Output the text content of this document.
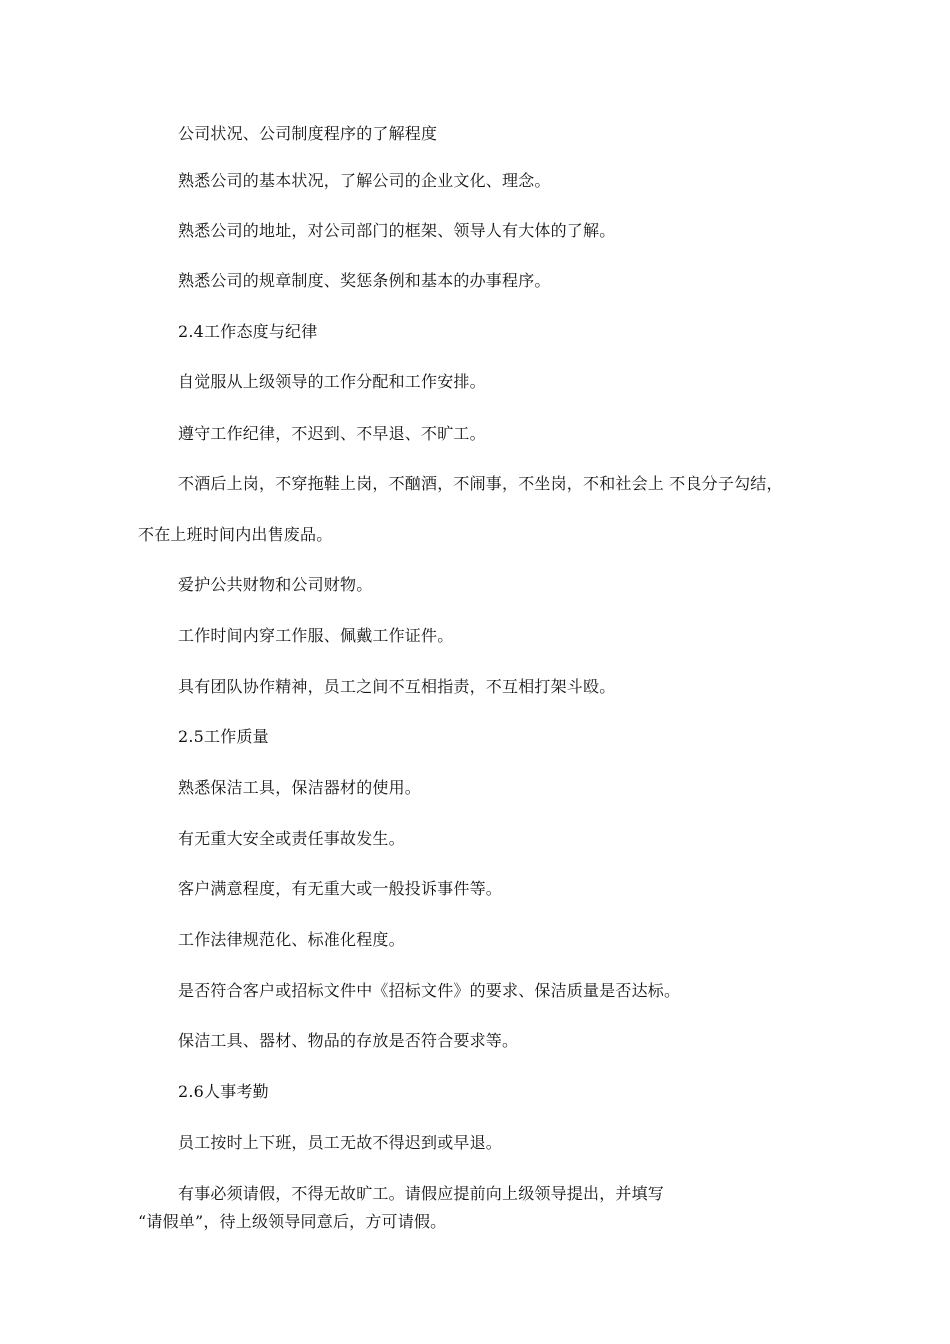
公司状况、公司制度程序的了解程度
熟悉公司的基本状况，了解公司的企业文化、理念。
熟悉公司的地址，对公司部门的框架、领导人有大体的了解。
熟悉公司的规章制度、奖惩条例和基本的办事程序。
2.4工作态度与纪律
自觉服从上级领导的工作分配和工作安排。
遵守工作纪律，不迟到、不早退、不旷工。
不酒后上岗，不穿拖鞋上岗，不酗酒，不闹事，不坐岗，不和社会上 不良分子勾结，
不在上班时间内出售废品。
爱护公共财物和公司财物。
工作时间内穿工作服、佩戴工作证件。
具有团队协作精神，员工之间不互相指责，不互相打架斗殴。
2.5工作质量
熟悉保洁工具，保洁器材的使用。
有无重大安全或责任事故发生。
客户满意程度，有无重大或一般投诉事件等。
工作法律规范化、标准化程度。
是否符合客户或招标文件中《招标文件》的要求、保洁质量是否达标。
保洁工具、器材、物品的存放是否符合要求等。
2.6人事考勤
员工按时上下班，员工无故不得迟到或早退。
有事必须请假，不得无故旷工。请假应提前向上级领导提出，并填写
“请假单”，待上级领导同意后，方可请假。
